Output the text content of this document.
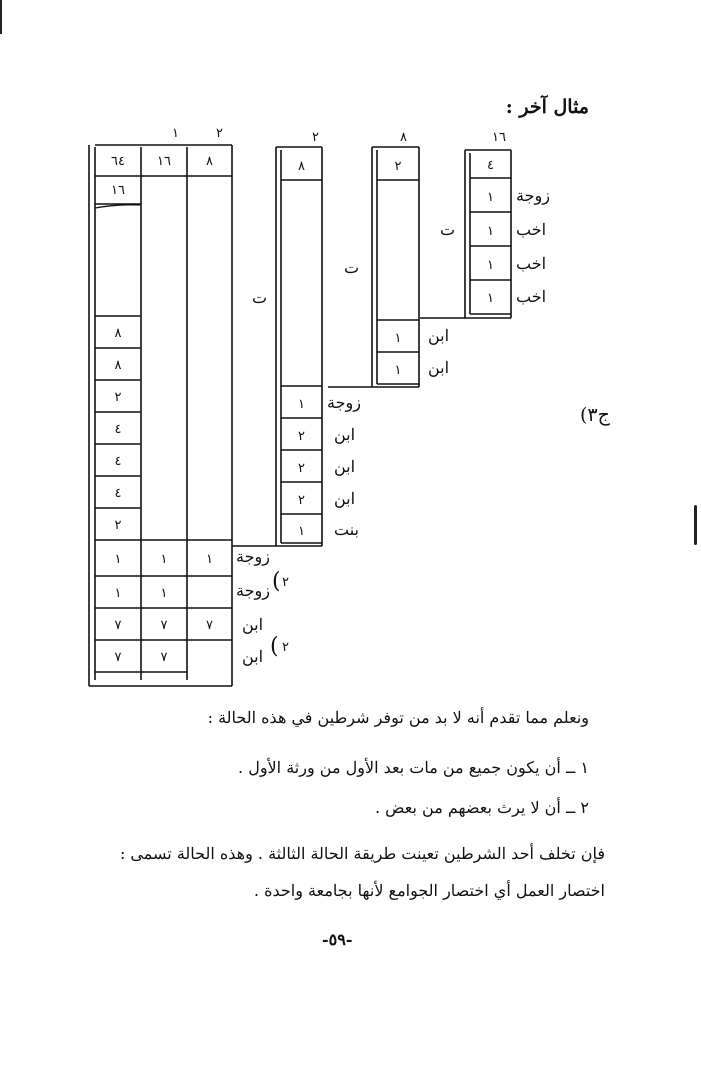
مثال آخر :
١٦
٤
١
١
١
١
زوجة
اخب
اخب
اخب
ت
٨
٢
١
١
ابن
ابن
ت
٢
٨
١
٢
٢
٢
١
زوجة
ابن
ابن
ابن
بنت
ت
١	٢
٦٤
١٦
٨
٨
٢
٤
٤
٤
٢
١
١
٧
٧
١٦
١
١
٧
٧
٨
١
٧
زوجة
زوجة
ابن
ابن
٢
(
٢
(
ج٣)
ونعلم مما تقدم أنه لا بد من توفر شرطين في هذه الحالة :
١ ــ أن يكون جميع من مات بعد الأول من ورثة الأول .
٢ ــ أن لا يرث بعضهم من بعض .
فإن تخلف أحد الشرطين تعينت طريقة الحالة الثالثة . وهذه الحالة تسمى :
اختصار العمل أي اختصار الجوامع لأنها بجامعة واحدة .
-٥٩-
